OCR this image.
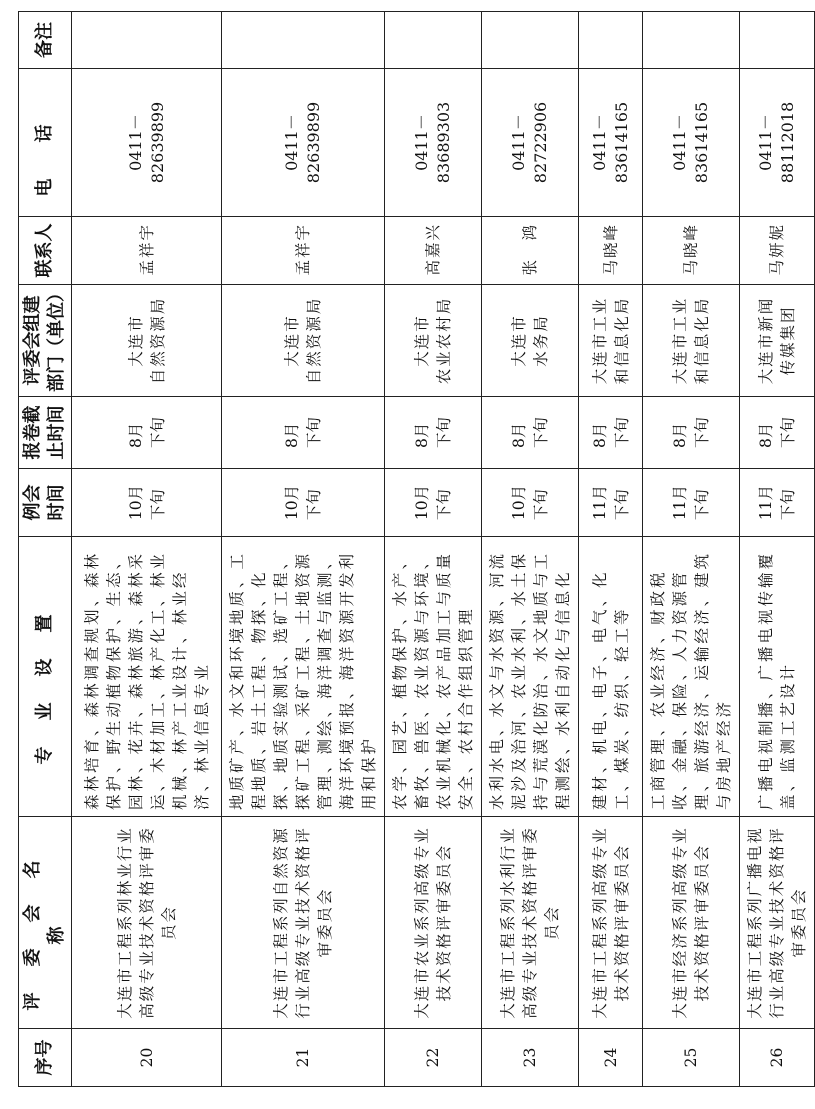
序号	评委会名称	专业设置	例会 时间	报卷截 止时间	评委会组建 部门（单位）	联系人	电话	备注
20	大连市工程系列林业行业高级专业技术资格评审委员会	森林培育、森林调查规划、森林保护、野生动植物保护、生态、园林、花卉、森林旅游、森林采运、木材加工、林产化工、林业机械、林产工业设计、林业经济、林业信息专业	10月 下旬	8月 下旬	大连市 自然资源局	孟祥宇	0411－82639899	
21	大连市工程系列自然资源行业高级专业技术资格评审委员会	地质矿产、水文和环境地质、工程地质、岩土工程、物探、化探、地质实验测试、选矿工程、探矿工程、采矿工程、土地资源管理、测绘、海洋调查与监测、海洋环境预报、海洋资源开发利用和保护	10月 下旬	8月 下旬	大连市 自然资源局	孟祥宇	0411－82639899	
22	大连市农业系列高级专业技术资格评审委员会	农学、园艺、植物保护、水产、畜牧、兽医、农业资源与环境、农业机械化、农产品加工与质量安全、农村合作组织管理	10月 下旬	8月 下旬	大连市 农业农村局	高嘉兴	0411－83689303	
23	大连市工程系列水利行业高级专业技术资格评审委员会	水利水电、水文与水资源、河流泥沙及治河、农业水利、水土保持与荒漠化防治、水文地质与工程测绘、水利自动化与信息化	10月 下旬	8月 下旬	大连市 水务局	张　鸿	0411－82722906	
24	大连市工程系列高级专业技术资格评审委员会	建材、机电、电子、电气、化工、煤炭、纺织、轻工等	11月 下旬	8月 下旬	大连市工业 和信息化局	马晓峰	0411－83614165	
25	大连市经济系列高级专业技术资格评审委员会	工商管理、农业经济、财政税收、金融、保险、人力资源管理、旅游经济、运输经济、建筑与房地产经济	11月 下旬	8月 下旬	大连市工业 和信息化局	马晓峰	0411－83614165	
26	大连市工程系列广播电视行业高级专业技术资格评审委员会	广播电视制播、广播电视传输覆盖、监测工艺设计	11月 下旬	8月 下旬	大连市新闻 传媒集团	马妍妮	0411－88112018	
